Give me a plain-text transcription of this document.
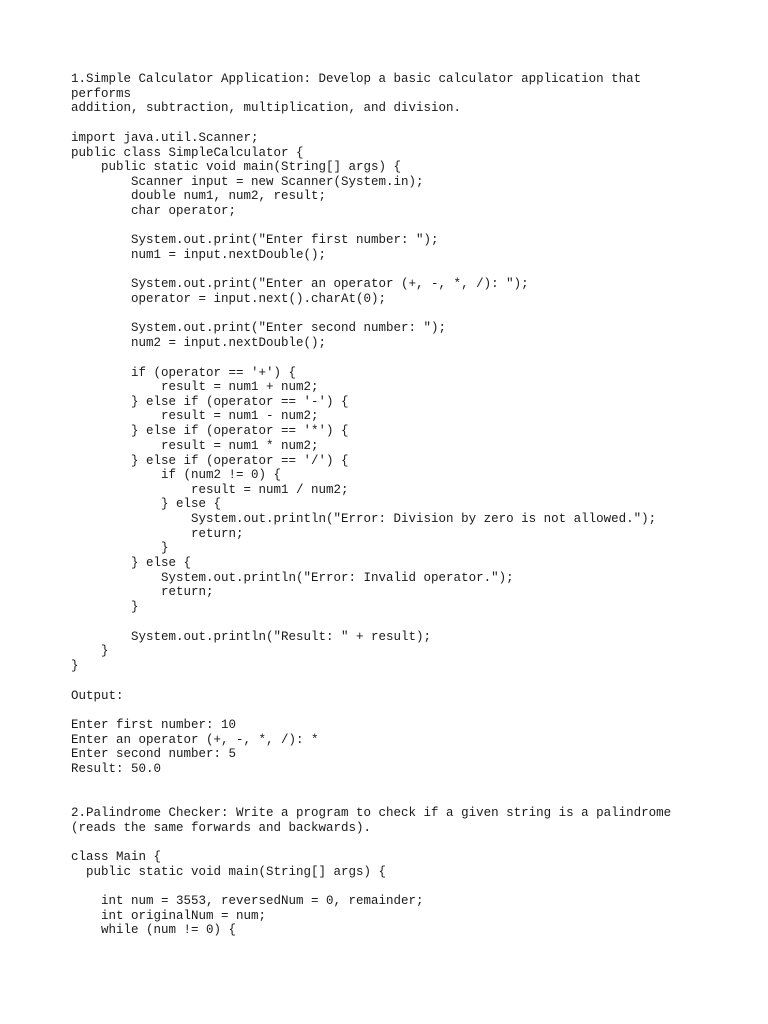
1.Simple Calculator Application: Develop a basic calculator application that

performs

addition, subtraction, multiplication, and division.

import java.util.Scanner;

public class SimpleCalculator {

public static void main(String[] args) {

Scanner input = new Scanner(System.in);

double num1, num2, result;

char operator;

System.out.print("Enter first number: ");

num1 = input.nextDouble();

System.out.print("Enter an operator (+, -, *, /): ");

operator = input.next().charAt(0);

System.out.print("Enter second number: ");

num2 = input.nextDouble();

if (operator == '+') {

result = num1 + num2;

} else if (operator == '-') {

result = num1 - num2;

} else if (operator == '*') {

result = num1 * num2;

} else if (operator == '/') {

if (num2 != 0) {

result = num1 / num2;

} else {

System.out.println("Error: Division by zero is not allowed.");

return;

}

} else {

System.out.println("Error: Invalid operator.");

return;

}

System.out.println("Result: " + result);

}

}

Output:

Enter first number: 10

Enter an operator (+, -, *, /): *

Enter second number: 5

Result: 50.0

2.Palindrome Checker: Write a program to check if a given string is a palindrome

(reads the same forwards and backwards).

class Main {

public static void main(String[] args) {

int num = 3553, reversedNum = 0, remainder;

int originalNum = num;

while (num != 0) {
